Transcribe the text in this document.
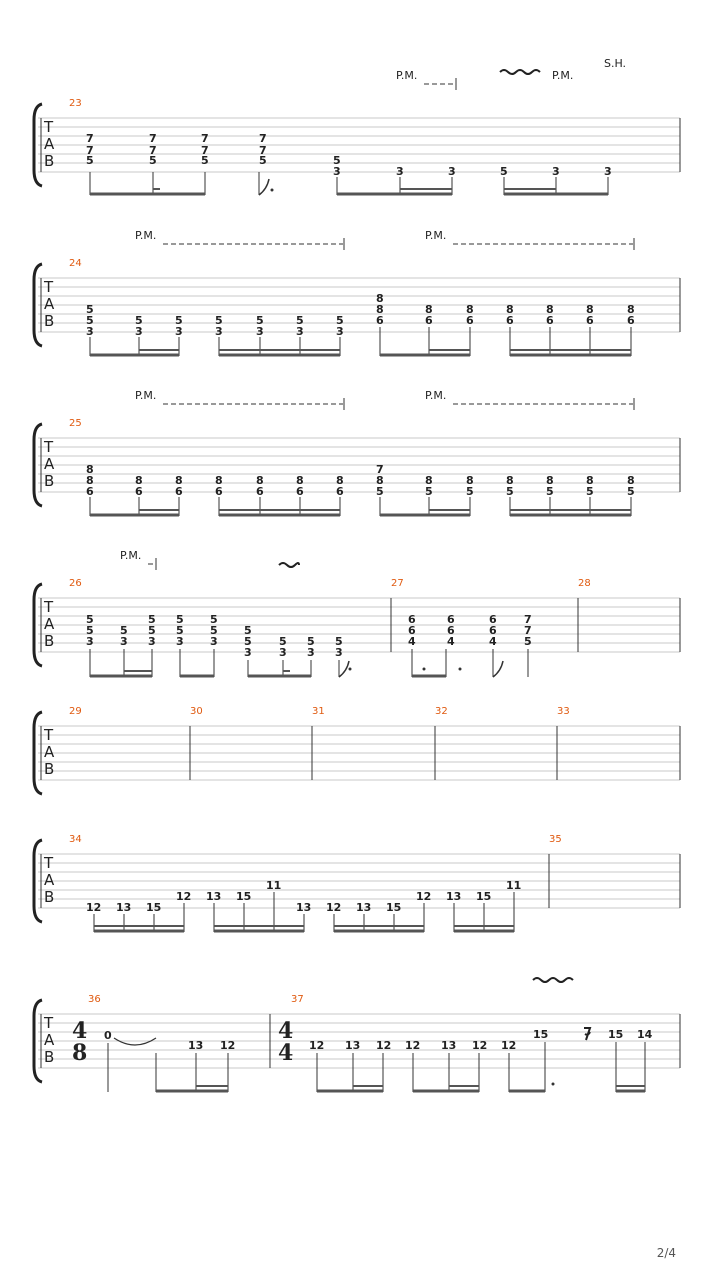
P.M.	P.M.
S.H.
T
A
B
23
7
7
5
7
7
5
7
7
5
7
7
5	5
3	3	3	5	3	3
P.M.	P.M.
T
A
B
24
5
5
3
5
3
5
3
5
3
5
3
5
3
5
3
8
8
6
8
6
8
6
8
6
8
6
8
6
8
6
P.M.	P.M.
T
A
B
25
8
8
6
8
6
8
6
8
6
8
6
8
6
8
6
7
8
5
8
5
8
5
8
5
8
5
8
5
8
5
P.M.
T
A
B
26	27	28
5
5
3
5
3
5
5
3
5
5
3
5
5
3
5
5
3
5
3
5
3
5
3
6
6
4
6
6
4
6
6
4
7
7
5
T
A
B
29	30	31	32	33
T
A
B
34	35
12 13 15
12 13 15
11
13 12 13 15
12 13 15
11
T
A
B
36	37
4
8
4
4
0
13 12	12 13 12 12 13 12 12
15	15 14
2/4
